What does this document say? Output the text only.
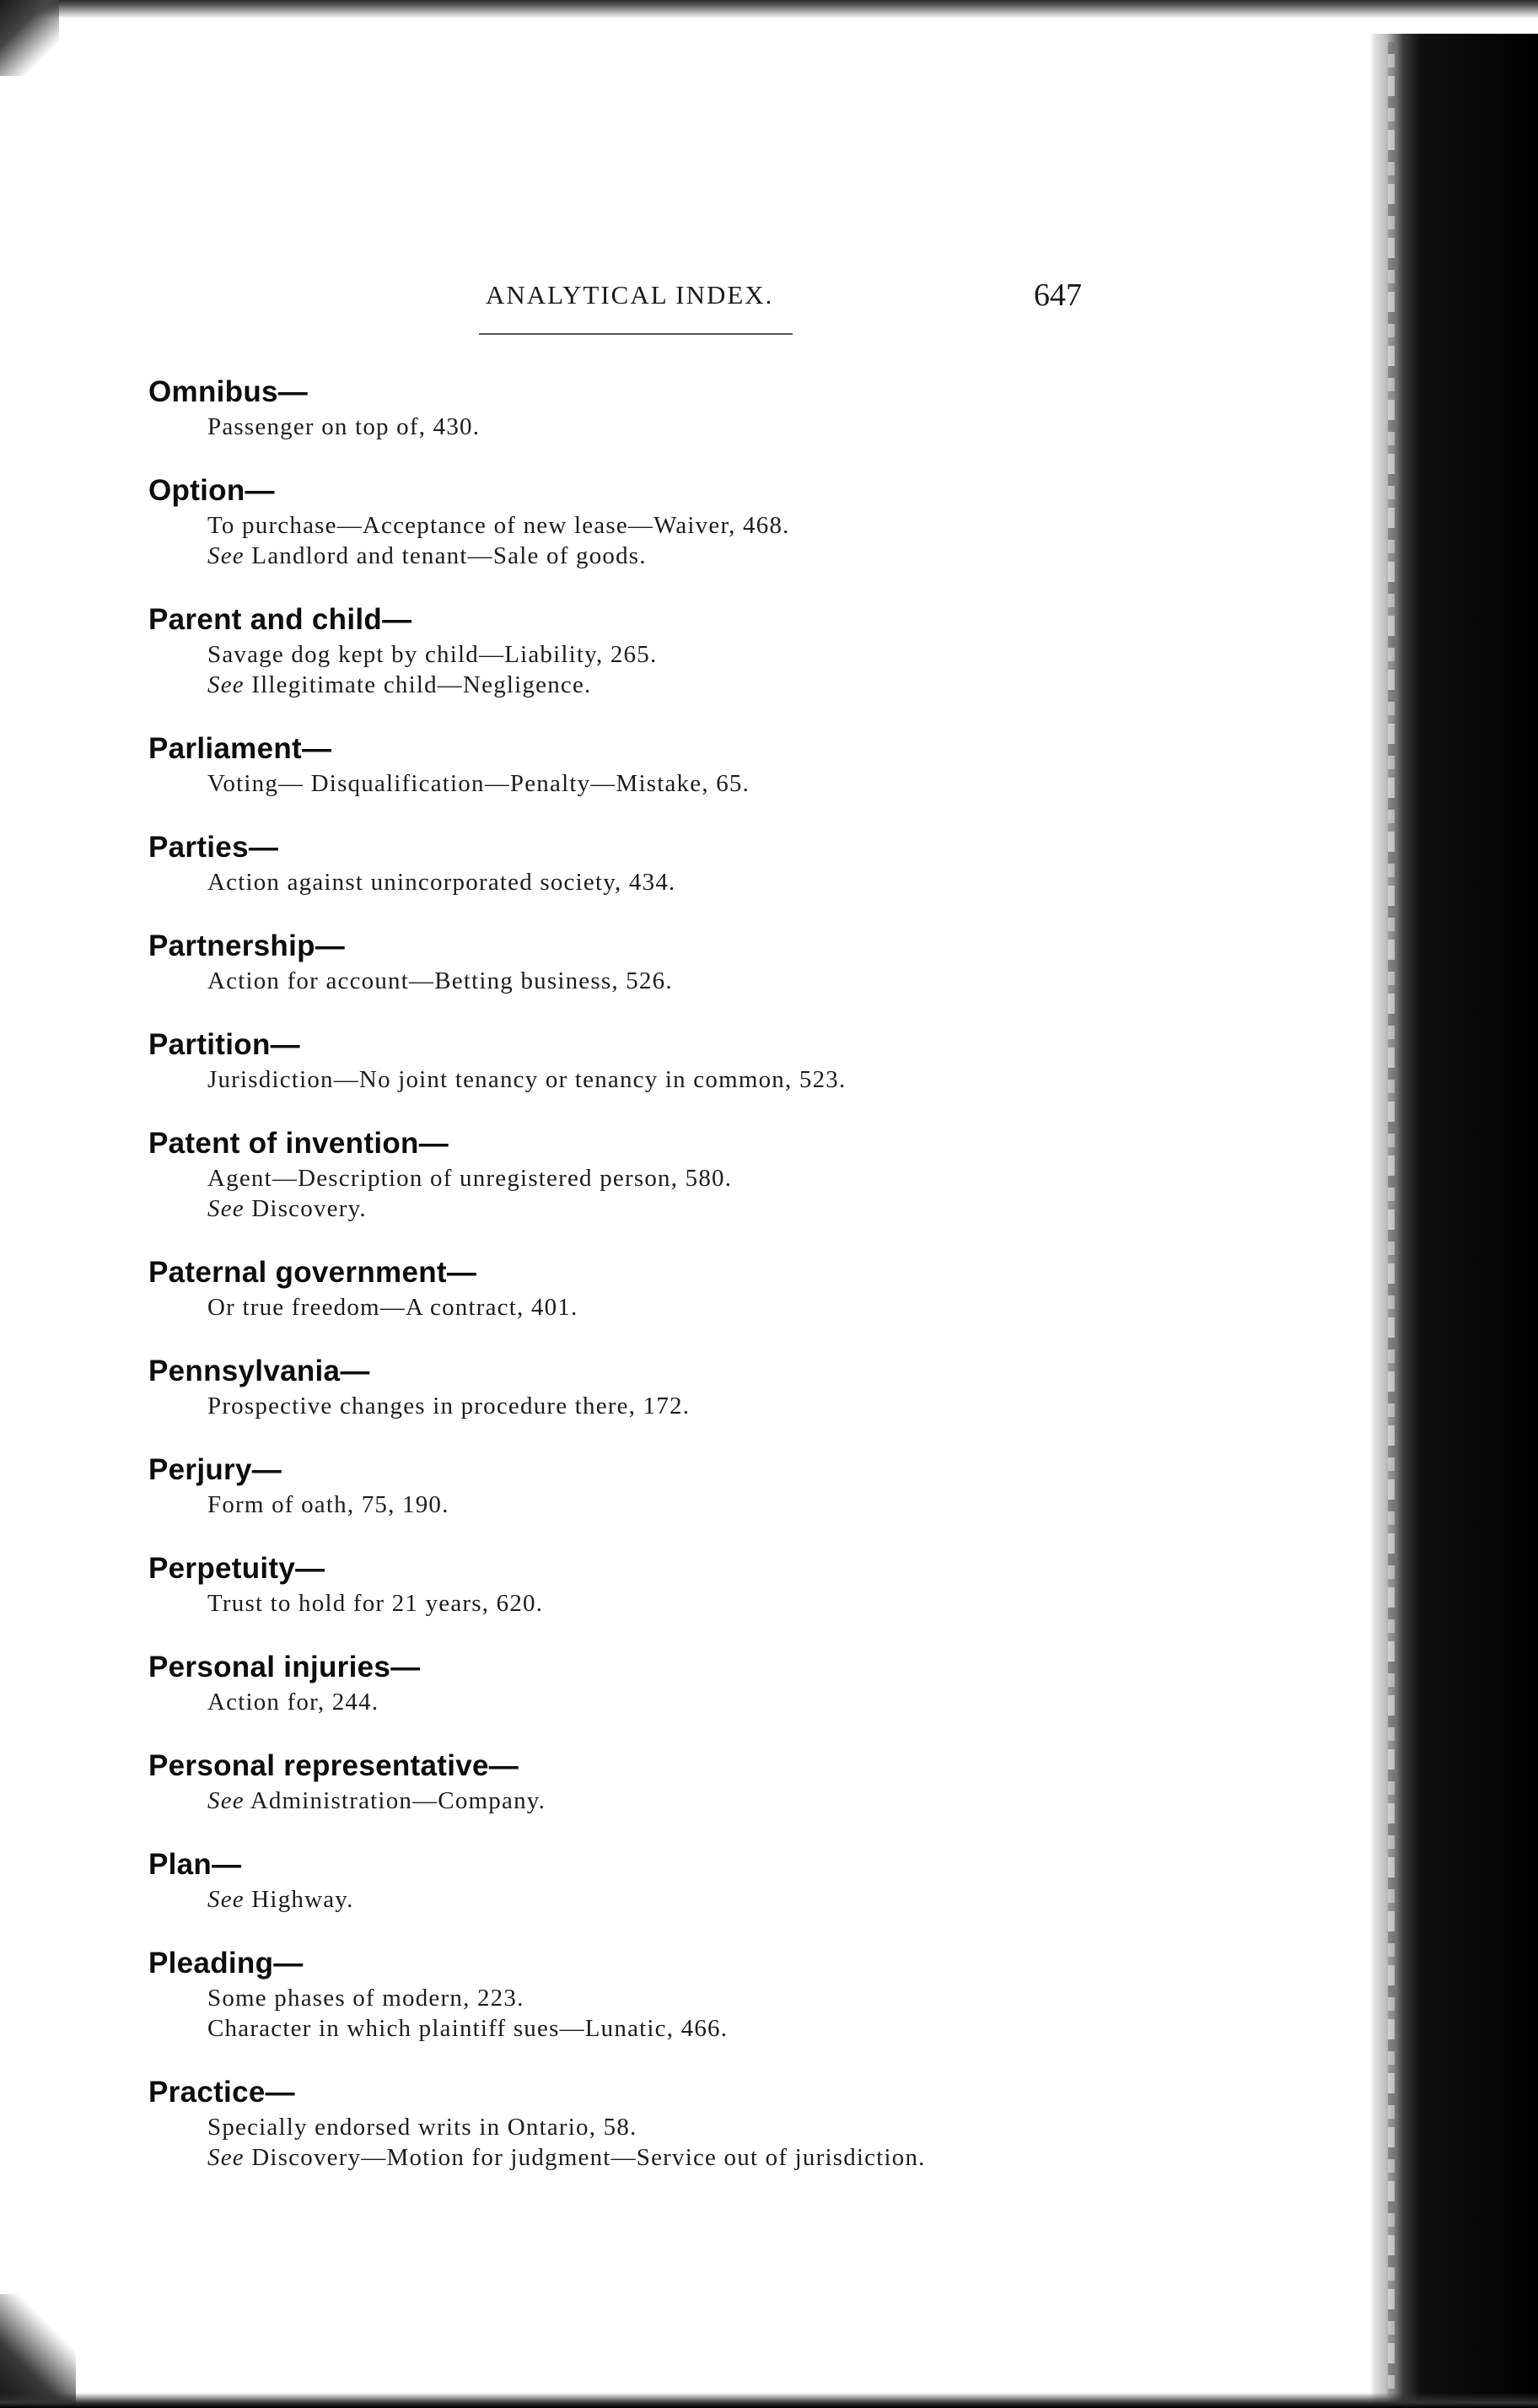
ANALYTICAL INDEX.	647
Omnibus—
Passenger on top of, 430.
Option—
To purchase—Acceptance of new lease—Waiver, 468.
See Landlord and tenant—Sale of goods.
Parent and child—
Savage dog kept by child—Liability, 265.
See Illegitimate child—Negligence.
Parliament—
Voting— Disqualification—Penalty—Mistake, 65.
Parties—
Action against unincorporated society, 434.
Partnership—
Action for account—Betting business, 526.
Partition—
Jurisdiction—No joint tenancy or tenancy in common, 523.
Patent of invention—
Agent—Description of unregistered person, 580.
See Discovery.
Paternal government—
Or true freedom—A contract, 401.
Pennsylvania—
Prospective changes in procedure there, 172.
Perjury—
Form of oath, 75, 190.
Perpetuity—
Trust to hold for 21 years, 620.
Personal injuries—
Action for, 244.
Personal representative—
See Administration—Company.
Plan—
See Highway.
Pleading—
Some phases of modern, 223.
Character in which plaintiff sues—Lunatic, 466.
Practice—
Specially endorsed writs in Ontario, 58.
See Discovery—Motion for judgment—Service out of jurisdiction.
